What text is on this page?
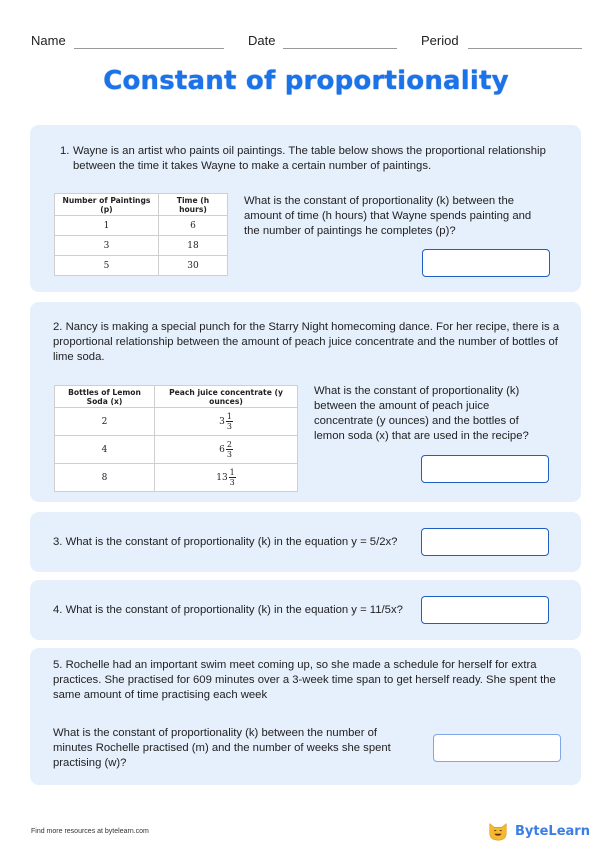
Name	Date	Period
Constant of proportionality
1. Wayne is an artist who paints oil paintings. The table below shows the proportional relationship between the time it takes Wayne to make a certain number of paintings.
Number of Paintings (p)	Time (h hours)
1	6
3	18
5	30
What is the constant of proportionality (k) between the amount of time (h hours) that Wayne spends painting and the number of paintings he completes (p)?
2. Nancy is making a special punch for the Starry Night homecoming dance. For her recipe, there is a proportional relationship between the amount of peach juice concentrate and the number of bottles of lime soda.
Bottles of Lemon Soda (x)	Peach juice concentrate (y ounces)
2	$3 \frac{1}{3}$

4	$6 \frac{2}{3}$

8	$13 \frac{1}{3}$
What is the constant of proportionality (k) between the amount of peach juice concentrate (y ounces) and the bottles of lemon soda (x) that are used in the recipe?
3. What is the constant of proportionality (k) in the equation y = 5/2x?
4. What is the constant of proportionality (k) in the equation y = 11/5x?
5. Rochelle had an important swim meet coming up, so she made a schedule for herself for extra practices. She practised for 609 minutes over a 3-week time span to get herself ready. She spent the same amount of time practising each week
What is the constant of proportionality (k) between the number of minutes Rochelle practised (m) and the number of weeks she spent practising (w)?
Find more resources at bytelearn.com	ByteLearn
